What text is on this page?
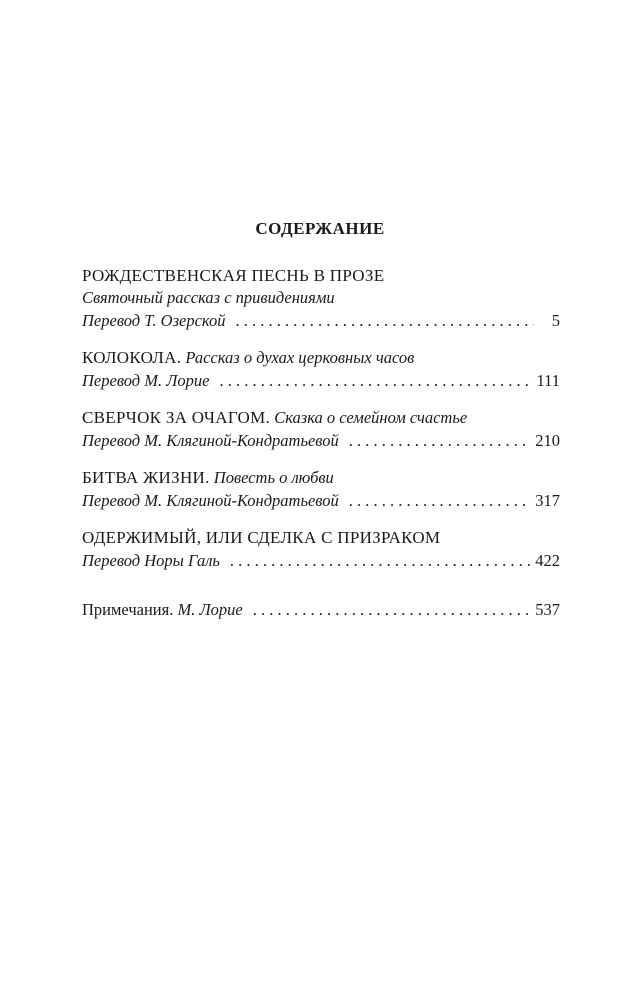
СОДЕРЖАНИЕ
РОЖДЕСТВЕНСКАЯ ПЕСНЬ В ПРОЗЕ
Святочный рассказ с привидениями
Перевод Т. Озерской . . .	5
КОЛОКОЛА. Рассказ о духах церковных часов
Перевод М. Лорие . . .	111
СВЕРЧОК ЗА ОЧАГОМ. Сказка о семейном счастье
Перевод М. Клягиной-Кондратьевой . . .	210
БИТВА ЖИЗНИ. Повесть о любви
Перевод М. Клягиной-Кондратьевой . . .	317
ОДЕРЖИМЫЙ, ИЛИ СДЕЛКА С ПРИЗРАКОМ
Перевод Норы Галь . . .	422
Примечания. М. Лорие . . .	537
